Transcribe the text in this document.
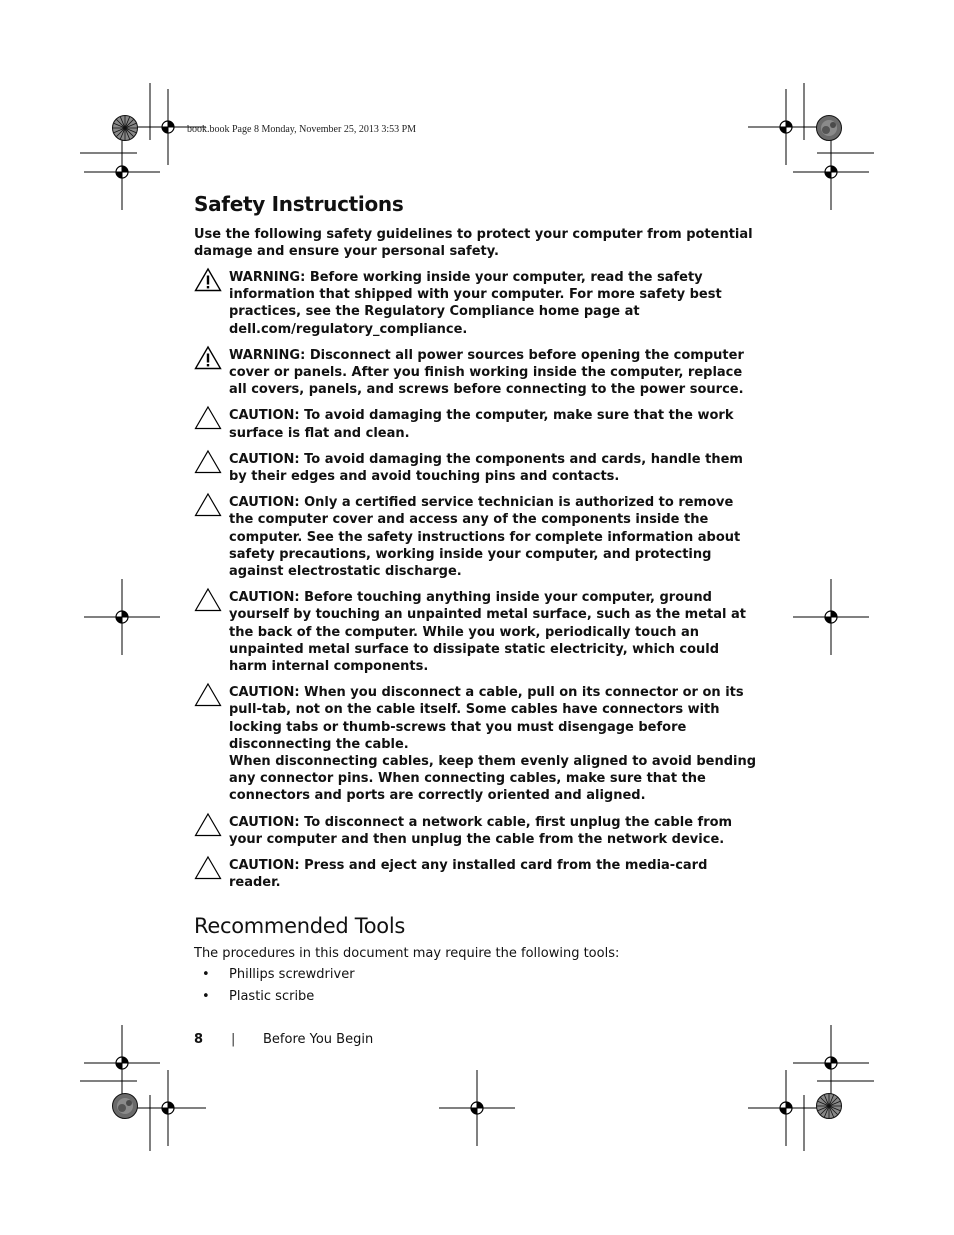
book.book Page 8 Monday, November 25, 2013 3:53 PM
Safety Instructions

Use the following safety guidelines to protect your computer from potential damage and ensure your personal safety.

WARNING: Before working inside your computer, read the safety information that shipped with your computer. For more safety best practices, see the Regulatory Compliance home page at dell.com/regulatory_compliance.
WARNING: Disconnect all power sources before opening the computer cover or panels. After you finish working inside the computer, replace all covers, panels, and screws before connecting to the power source.
CAUTION: To avoid damaging the computer, make sure that the work surface is flat and clean.
CAUTION: To avoid damaging the components and cards, handle them by their edges and avoid touching pins and contacts.
CAUTION: Only a certified service technician is authorized to remove the computer cover and access any of the components inside the computer. See the safety instructions for complete information about safety precautions, working inside your computer, and protecting against electrostatic discharge.
CAUTION: Before touching anything inside your computer, ground yourself by touching an unpainted metal surface, such as the metal at the back of the computer. While you work, periodically touch an unpainted metal surface to dissipate static electricity, which could harm internal components.
CAUTION: When you disconnect a cable, pull on its connector or on its pull-tab, not on the cable itself. Some cables have connectors with locking tabs or thumb-screws that you must disengage before disconnecting the cable.
When disconnecting cables, keep them evenly aligned to avoid bending any connector pins. When connecting cables, make sure that the connectors and ports are correctly oriented and aligned.
CAUTION: To disconnect a network cable, first unplug the cable from your computer and then unplug the cable from the network device.
CAUTION: Press and eject any installed card from the media-card reader.
Recommended Tools
The procedures in this document may require the following tools:
• Phillips screwdriver
• Plastic scribe
8 | Before You Begin
